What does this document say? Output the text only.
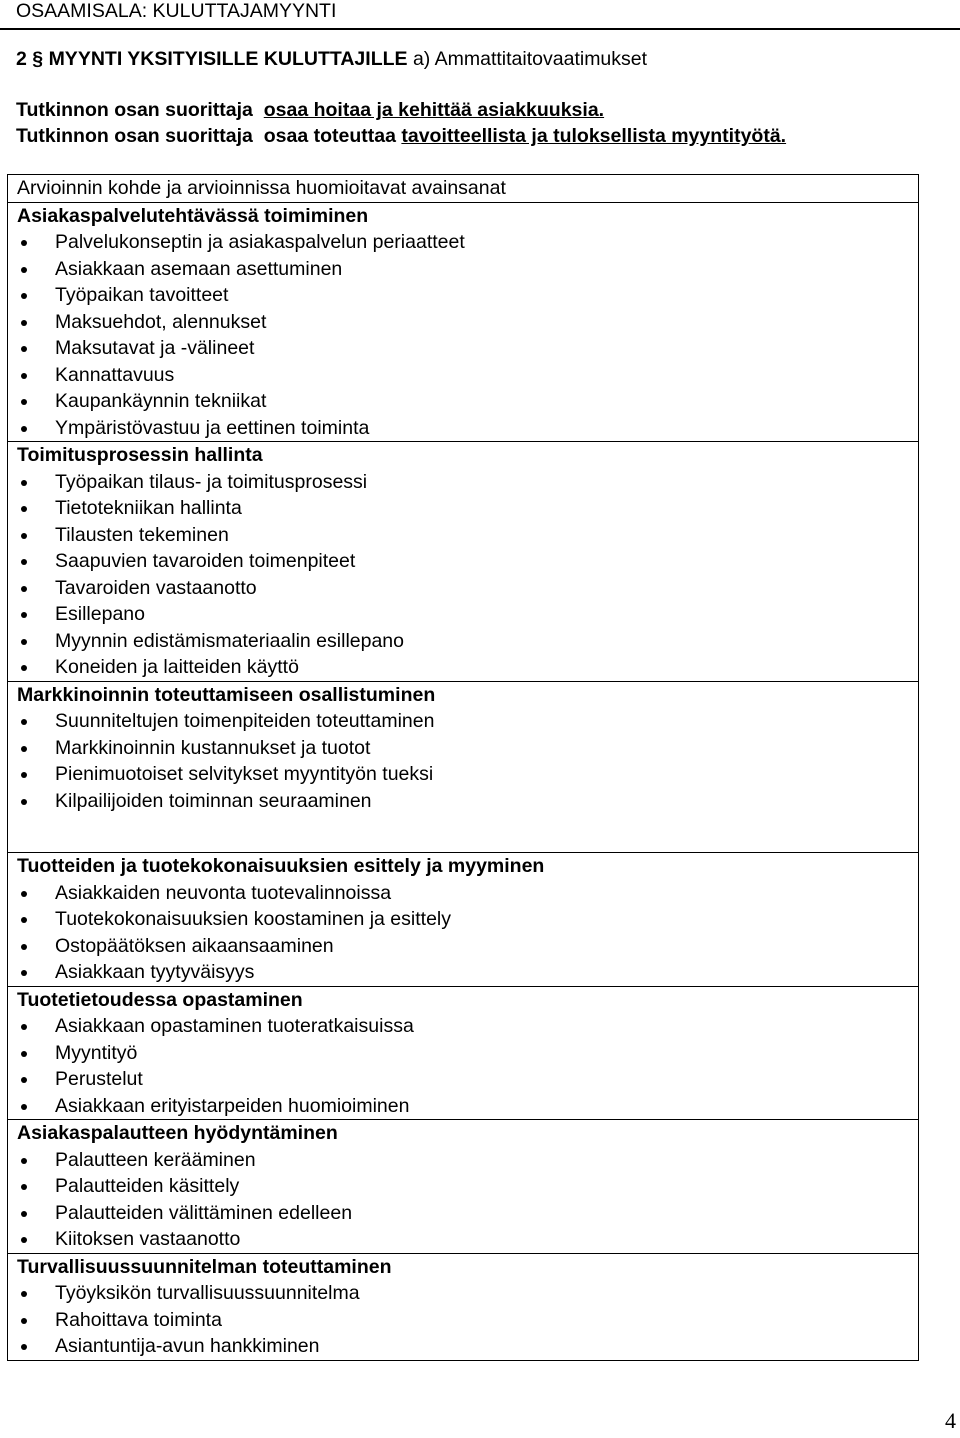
OSAAMISALA: KULUTTAJAMYYNTI
2 § MYYNTI YKSITYISILLE KULUTTAJILLE a) Ammattitaitovaatimukset
Tutkinnon osan suorittaja osaa hoitaa ja kehittää asiakkuuksia.
Tutkinnon osan suorittaja osaa toteuttaa tavoitteellista ja tuloksellista myyntityötä.
Arvioinnin kohde ja arvioinnissa huomioitavat avainsanat
Asiakaspalvelutehtävässä toimiminen
Palvelukonseptin ja asiakaspalvelun periaatteet
Asiakkaan asemaan asettuminen
Työpaikan tavoitteet
Maksuehdot, alennukset
Maksutavat ja -välineet
Kannattavuus
Kaupankäynnin tekniikat
Ympäristövastuu ja eettinen toiminta
Toimitusprosessin hallinta
Työpaikan tilaus- ja toimitusprosessi
Tietotekniikan hallinta
Tilausten tekeminen
Saapuvien tavaroiden toimenpiteet
Tavaroiden vastaanotto
Esillepano
Myynnin edistämismateriaalin esillepano
Koneiden ja laitteiden käyttö
Markkinoinnin toteuttamiseen osallistuminen
Suunniteltujen toimenpiteiden toteuttaminen
Markkinoinnin kustannukset ja tuotot
Pienimuotoiset selvitykset myyntityön tueksi
Kilpailijoiden toiminnan seuraaminen
Tuotteiden ja tuotekokonaisuuksien esittely ja myyminen
Asiakkaiden neuvonta tuotevalinnoissa
Tuotekokonaisuuksien koostaminen ja esittely
Ostopäätöksen aikaansaaminen
Asiakkaan tyytyväisyys
Tuotetietoudessa opastaminen
Asiakkaan opastaminen tuoteratkaisuissa
Myyntityö
Perustelut
Asiakkaan erityistarpeiden huomioiminen
Asiakaspalautteen hyödyntäminen
Palautteen kerääminen
Palautteiden käsittely
Palautteiden välittäminen edelleen
Kiitoksen vastaanotto
Turvallisuussuunnitelman toteuttaminen
Työyksikön turvallisuussuunnitelma
Rahoittava toiminta
Asiantuntija-avun hankkiminen
4
